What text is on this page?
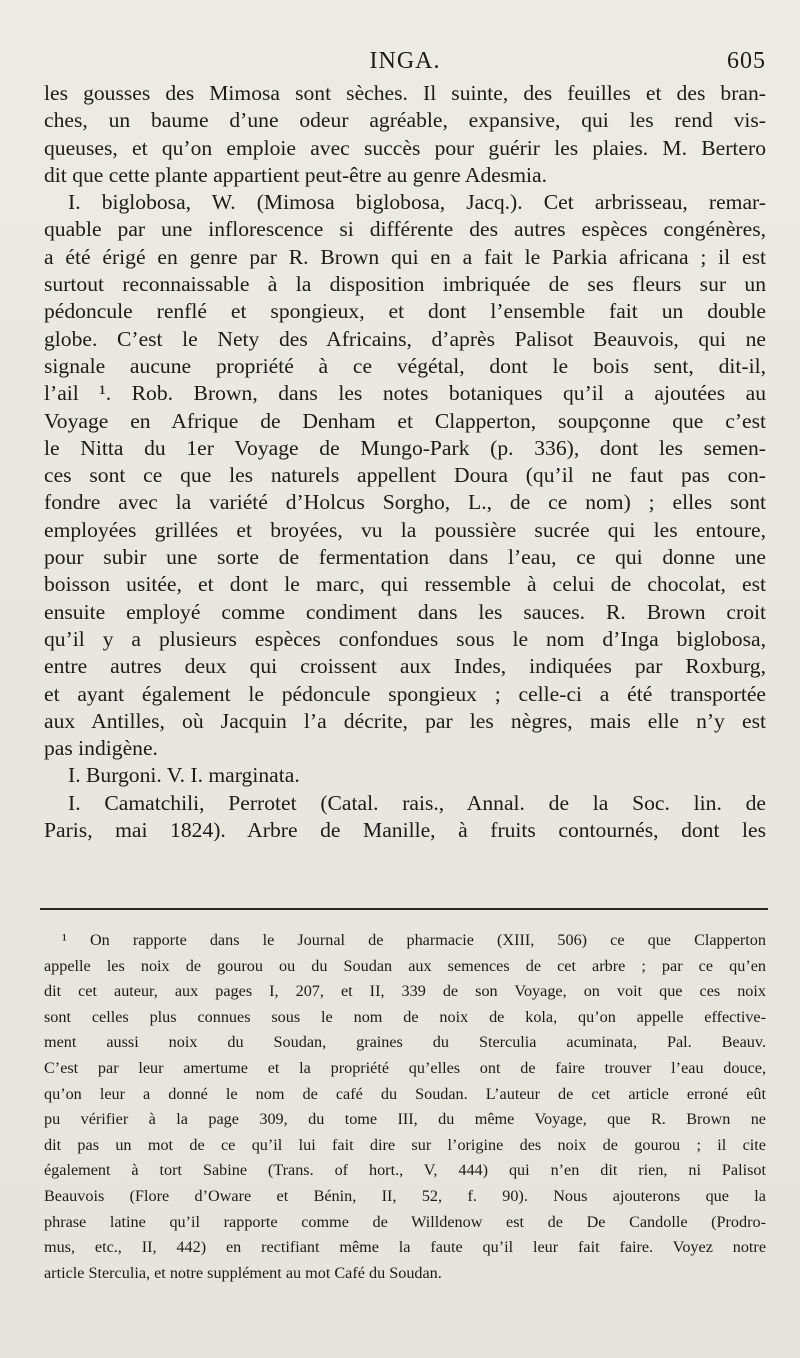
INGA.	605
les gousses des Mimosa sont sèches. Il suinte, des feuilles et des bran-
ches, un baume d’une odeur agréable, expansive, qui les rend vis-
queuses, et qu’on emploie avec succès pour guérir les plaies. M. Bertero
dit que cette plante appartient peut-être au genre Adesmia.
I. biglobosa, W. (Mimosa biglobosa, Jacq.). Cet arbrisseau, remar-
quable par une inflorescence si différente des autres espèces congénères,
a été érigé en genre par R. Brown qui en a fait le Parkia africana ; il est
surtout reconnaissable à la disposition imbriquée de ses fleurs sur un
pédoncule renflé et spongieux, et dont l’ensemble fait un double
globe. C’est le Nety des Africains, d’après Palisot Beauvois, qui ne
signale aucune propriété à ce végétal, dont le bois sent, dit-il,
l’ail ¹. Rob. Brown, dans les notes botaniques qu’il a ajoutées au
Voyage en Afrique de Denham et Clapperton, soupçonne que c’est
le Nitta du 1er Voyage de Mungo-Park (p. 336), dont les semen-
ces sont ce que les naturels appellent Doura (qu’il ne faut pas con-
fondre avec la variété d’Holcus Sorgho, L., de ce nom) ; elles sont
employées grillées et broyées, vu la poussière sucrée qui les entoure,
pour subir une sorte de fermentation dans l’eau, ce qui donne une
boisson usitée, et dont le marc, qui ressemble à celui de chocolat, est
ensuite employé comme condiment dans les sauces. R. Brown croit
qu’il y a plusieurs espèces confondues sous le nom d’Inga biglobosa,
entre autres deux qui croissent aux Indes, indiquées par Roxburg,
et ayant également le pédoncule spongieux ; celle-ci a été transportée
aux Antilles, où Jacquin l’a décrite, par les nègres, mais elle n’y est
pas indigène.
I. Burgoni. V. I. marginata.
I. Camatchili, Perrotet (Catal. rais., Annal. de la Soc. lin. de
Paris, mai 1824). Arbre de Manille, à fruits contournés, dont les
¹ On rapporte dans le Journal de pharmacie (XIII, 506) ce que Clapperton
appelle les noix de gourou ou du Soudan aux semences de cet arbre ; par ce qu’en
dit cet auteur, aux pages I, 207, et II, 339 de son Voyage, on voit que ces noix
sont celles plus connues sous le nom de noix de kola, qu’on appelle effective-
ment aussi noix du Soudan, graines du Sterculia acuminata, Pal. Beauv.
C’est par leur amertume et la propriété qu’elles ont de faire trouver l’eau douce,
qu’on leur a donné le nom de café du Soudan. L’auteur de cet article erroné eût
pu vérifier à la page 309, du tome III, du même Voyage, que R. Brown ne
dit pas un mot de ce qu’il lui fait dire sur l’origine des noix de gourou ; il cite
également à tort Sabine (Trans. of hort., V, 444) qui n’en dit rien, ni Palisot
Beauvois (Flore d’Oware et Bénin, II, 52, f. 90). Nous ajouterons que la
phrase latine qu’il rapporte comme de Willdenow est de De Candolle (Prodro-
mus, etc., II, 442) en rectifiant même la faute qu’il leur fait faire. Voyez notre
article Sterculia, et notre supplément au mot Café du Soudan.
